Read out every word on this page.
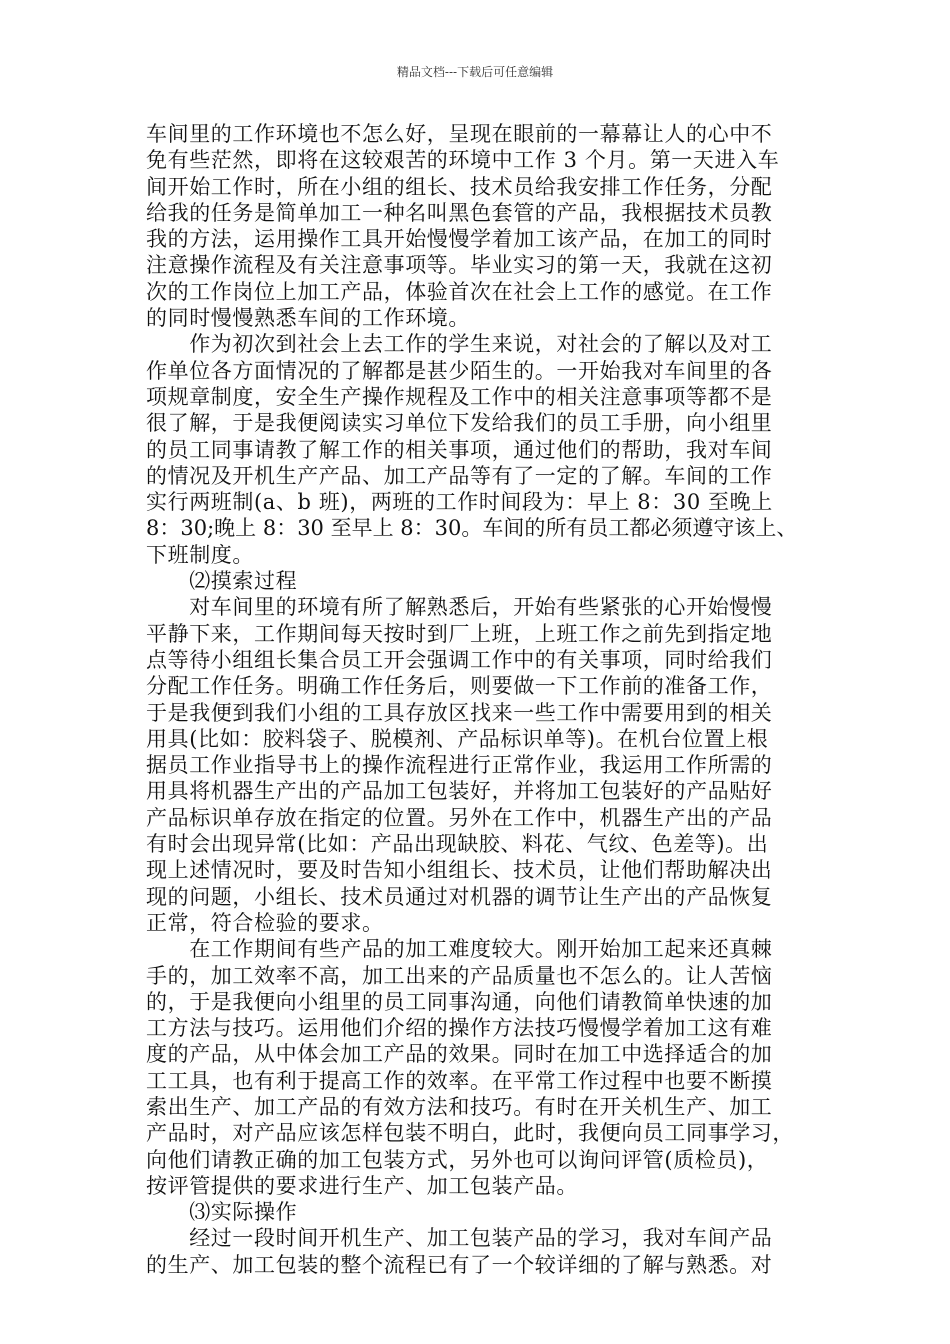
精品文档---下载后可任意编辑
车间里的工作环境也不怎么好，呈现在眼前的一幕幕让人的心中不
免有些茫然，即将在这较艰苦的环境中工作 3 个月。第一天进入车
间开始工作时，所在小组的组长、技术员给我安排工作任务，分配
给我的任务是简单加工一种名叫黑色套管的产品，我根据技术员教
我的方法，运用操作工具开始慢慢学着加工该产品，在加工的同时
注意操作流程及有关注意事项等。毕业实习的第一天，我就在这初
次的工作岗位上加工产品，体验首次在社会上工作的感觉。在工作
的同时慢慢熟悉车间的工作环境。
　　作为初次到社会上去工作的学生来说，对社会的了解以及对工
作单位各方面情况的了解都是甚少陌生的。一开始我对车间里的各
项规章制度，安全生产操作规程及工作中的相关注意事项等都不是
很了解，于是我便阅读实习单位下发给我们的员工手册，向小组里
的员工同事请教了解工作的相关事项，通过他们的帮助，我对车间
的情况及开机生产产品、加工产品等有了一定的了解。车间的工作
实行两班制(a、b 班)，两班的工作时间段为：早上 8：30 至晚上
8：30;晚上 8：30 至早上 8：30。车间的所有员工都必须遵守该上、
下班制度。
　　⑵摸索过程
　　对车间里的环境有所了解熟悉后，开始有些紧张的心开始慢慢
平静下来，工作期间每天按时到厂上班，上班工作之前先到指定地
点等待小组组长集合员工开会强调工作中的有关事项，同时给我们
分配工作任务。明确工作任务后，则要做一下工作前的准备工作，
于是我便到我们小组的工具存放区找来一些工作中需要用到的相关
用具(比如：胶料袋子、脱模剂、产品标识单等)。在机台位置上根
据员工作业指导书上的操作流程进行正常作业，我运用工作所需的
用具将机器生产出的产品加工包装好，并将加工包装好的产品贴好
产品标识单存放在指定的位置。另外在工作中，机器生产出的产品
有时会出现异常(比如：产品出现缺胶、料花、气纹、色差等)。出
现上述情况时，要及时告知小组组长、技术员，让他们帮助解决出
现的问题，小组长、技术员通过对机器的调节让生产出的产品恢复
正常，符合检验的要求。
　　在工作期间有些产品的加工难度较大。刚开始加工起来还真棘
手的，加工效率不高，加工出来的产品质量也不怎么的。让人苦恼
的，于是我便向小组里的员工同事沟通，向他们请教简单快速的加
工方法与技巧。运用他们介绍的操作方法技巧慢慢学着加工这有难
度的产品，从中体会加工产品的效果。同时在加工中选择适合的加
工工具，也有利于提高工作的效率。在平常工作过程中也要不断摸
索出生产、加工产品的有效方法和技巧。有时在开关机生产、加工
产品时，对产品应该怎样包装不明白，此时，我便向员工同事学习，
向他们请教正确的加工包装方式，另外也可以询问评管(质检员)，
按评管提供的要求进行生产、加工包装产品。
　　⑶实际操作
　　经过一段时间开机生产、加工包装产品的学习，我对车间产品
的生产、加工包装的整个流程已有了一个较详细的了解与熟悉。对
